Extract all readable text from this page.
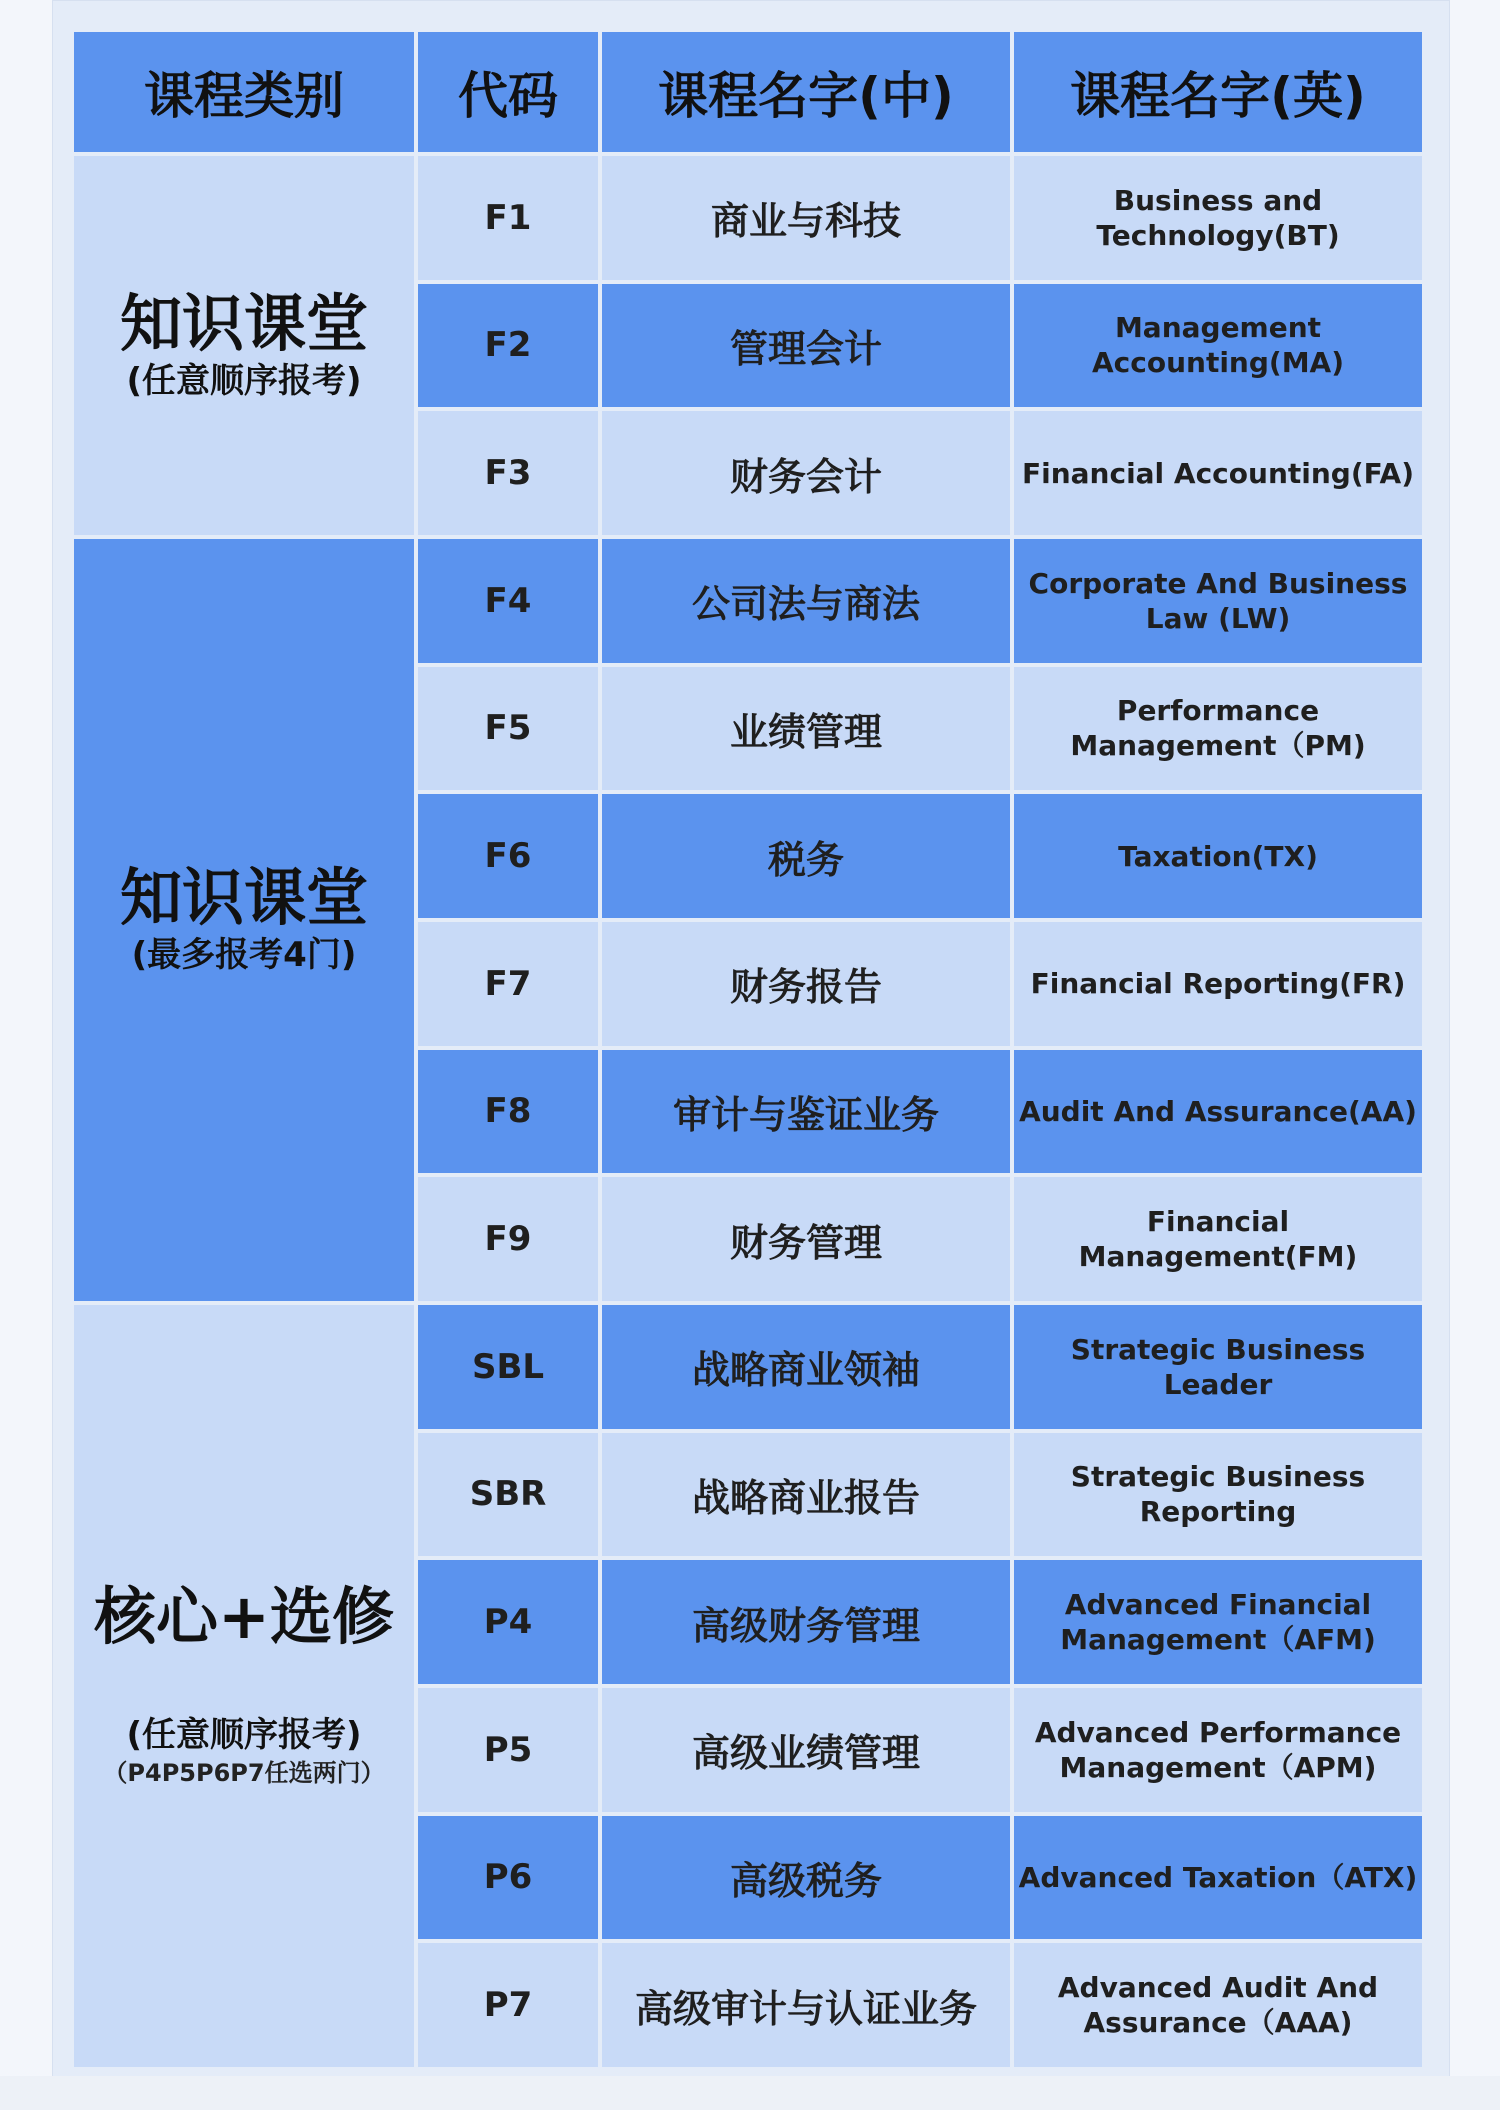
课程类别	代码	课程名字(中)	课程名字(英)

知识课堂
(任意顺序报考)	F1	商业与科技	Business and Technology(BT)
	F2	管理会计	Management Accounting(MA)
	F3	财务会计	Financial Accounting(FA)

知识课堂
(最多报考4门)	F4	公司法与商法	Corporate And Business Law (LW)
	F5	业绩管理	Performance Management（PM)
	F6	税务	Taxation(TX)
	F7	财务报告	Financial Reporting(FR)
	F8	审计与鉴证业务	Audit And Assurance(AA)
	F9	财务管理	Financial Management(FM)

核心+选修
(任意顺序报考)
（P4P5P6P7任选两门）	SBL	战略商业领袖	Strategic Business Leader
	SBR	战略商业报告	Strategic Business Reporting
	P4	高级财务管理	Advanced Financial Management（AFM)
	P5	高级业绩管理	Advanced Performance Management（APM)
	P6	高级税务	Advanced Taxation（ATX)
	P7	高级审计与认证业务	Advanced Audit And Assurance（AAA)
